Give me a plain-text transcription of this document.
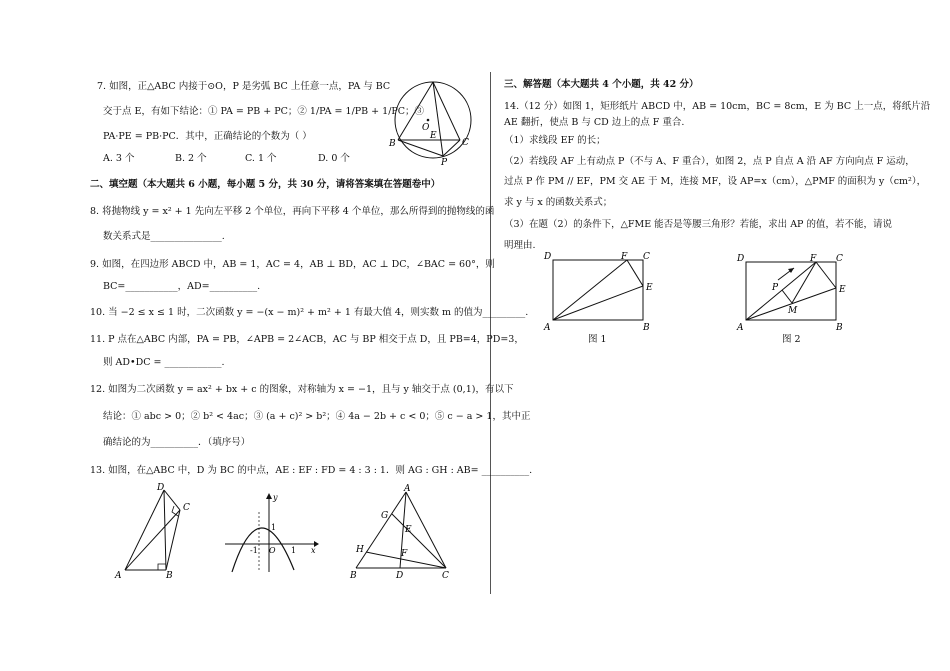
7. 如图，正△ABC 内接于⊙O，P 是劣弧 BC 上任意一点，PA 与 BC
交于点 E，有如下结论：① PA = PB + PC；② 1/PA = 1/PB + 1/PC；③
PA·PE = PB·PC．其中，正确结论的个数为（ ）
A. 3 个	B. 2 个	C. 1 个	D. 0 个
O
B
E
C
P
二、填空题（本大题共 6 小题，每小题 5 分，共 30 分，请将答案填在答题卷中）
8. 将抛物线 y = x² + 1 先向左平移 2 个单位，再向下平移 4 个单位，那么所得到的抛物线的函
数关系式是_______________.
9. 如图，在四边形 ABCD 中，AB = 1，AC = 4，AB ⊥ BD，AC ⊥ DC，∠BAC = 60°，则
BC=___________，AD=__________.
10. 当 −2 ≤ x ≤ 1 时，二次函数 y = −(x − m)² + m² + 1 有最大值 4，则实数 m 的值为_________.
11. P 点在△ABC 内部，PA = PB，∠APB = 2∠ACB，AC 与 BP 相交于点 D，且 PB=4，PD=3，
则 AD•DC = ____________.
12. 如图为二次函数 y = ax² + bx + c 的图象，对称轴为 x = −1，且与 y 轴交于点 (0,1)，有以下
结论：① abc > 0；② b² < 4ac；③ (a + c)² > b²；④ 4a − 2b + c < 0；⑤ c − a > 1，其中正
确结论的为__________．（填序号）
13. 如图，在△ABC 中，D 为 BC 的中点，AE : EF : FD = 4 : 3 : 1．则 AG : GH : AB= __________.
D
C
A	B
y
1
-1 O 1 x
A
G
E
H	F
B	D	C
三、解答题（本大题共 4 个小题，共 42 分）
14.（12 分）如图 1，矩形纸片 ABCD 中，AB = 10cm，BC = 8cm，E 为 BC 上一点，将纸片沿
AE 翻折，使点 B 与 CD 边上的点 F 重合.
（1）求线段 EF 的长；
（2）若线段 AF 上有动点 P（不与 A、F 重合），如图 2，点 P 自点 A 沿 AF 方向向点 F 运动，
过点 P 作 PM // EF，PM 交 AE 于 M，连接 MF，设 AP=x（cm），△PMF 的面积为 y（cm²），
求 y 与 x 的函数关系式；
（3）在题（2）的条件下，△FME 能否是等腰三角形？若能，求出 AP 的值，若不能，请说
明理由.
D	F C
E
A	B
图 1
D	F C
P	E
M
A	B
图 2
